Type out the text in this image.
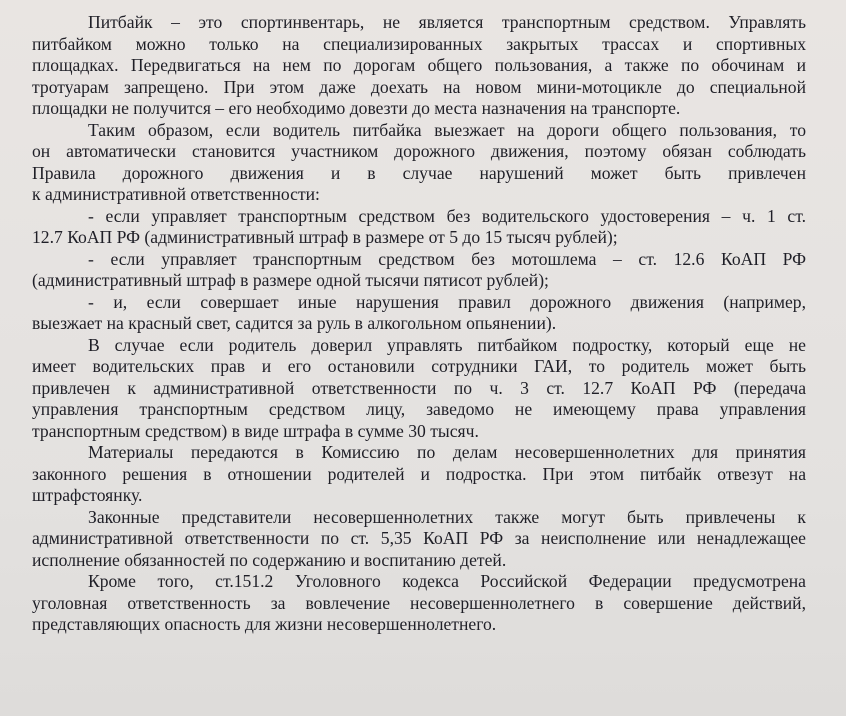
Питбайк – это спортинвентарь, не является транспортным средством. Управлять
питбайком можно только на специализированных закрытых трассах и спортивных
площадках. Передвигаться на нем по дорогам общего пользования, а также по обочинам и
тротуарам запрещено. При этом даже доехать на новом мини-мотоцикле до специальной
площадки не получится – его необходимо довезти до места назначения на транспорте.

Таким образом, если водитель питбайка выезжает на дороги общего пользования, то
он автоматически становится участником дорожного движения, поэтому обязан соблюдать
Правила дорожного движения и в случае нарушений может быть привлечен
к административной ответственности:

- если управляет транспортным средством без водительского удостоверения – ч. 1 ст.
12.7 КоАП РФ (административный штраф в размере от 5 до 15 тысяч рублей);

- если управляет транспортным средством без мотошлема – ст. 12.6 КоАП РФ
(административный штраф в размере одной тысячи пятисот рублей);

- и, если совершает иные нарушения правил дорожного движения (например,
выезжает на красный свет, садится за руль в алкогольном опьянении).

В случае если родитель доверил управлять питбайком подростку, который еще не
имеет водительских прав и его остановили сотрудники ГАИ, то родитель может быть
привлечен к административной ответственности по ч. 3 ст. 12.7 КоАП РФ (передача
управления транспортным средством лицу, заведомо не имеющему права управления
транспортным средством) в виде штрафа в сумме 30 тысяч.

Материалы передаются в Комиссию по делам несовершеннолетних для принятия
законного решения в отношении родителей и подростка. При этом питбайк отвезут на
штрафстоянку.

Законные представители несовершеннолетних также могут быть привлечены к
административной ответственности по ст. 5,35 КоАП РФ за неисполнение или ненадлежащее
исполнение обязанностей по содержанию и воспитанию детей.

Кроме того, ст.151.2 Уголовного кодекса Российской Федерации предусмотрена
уголовная ответственность за вовлечение несовершеннолетнего в совершение действий,
представляющих опасность для жизни несовершеннолетнего.
